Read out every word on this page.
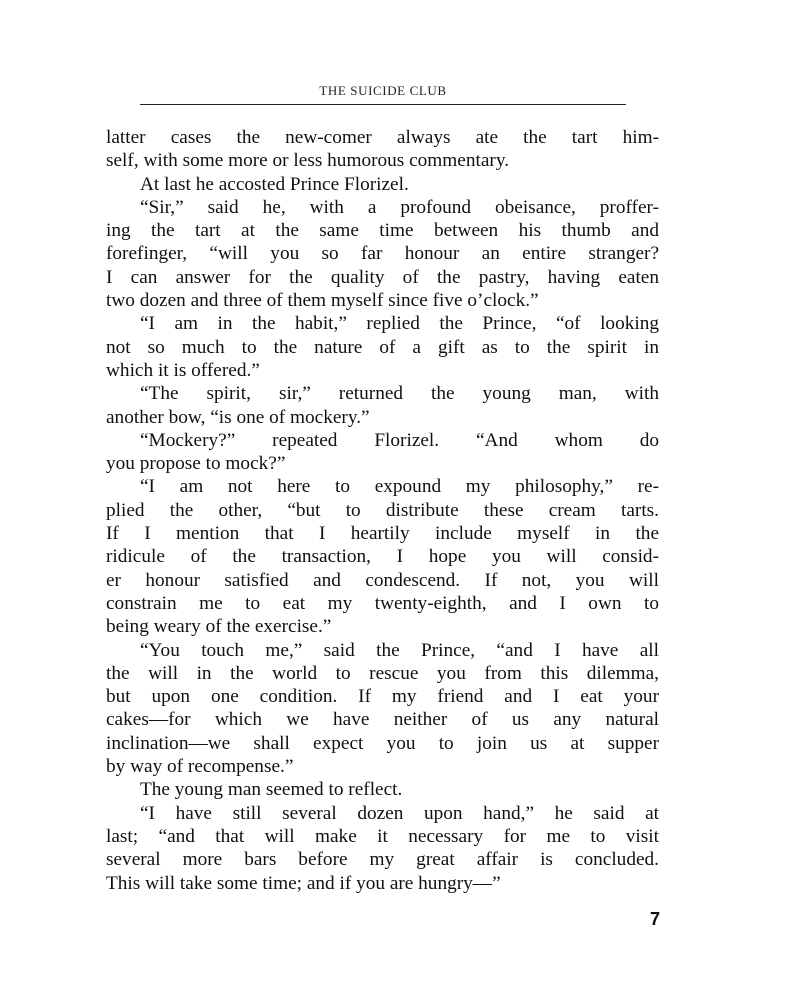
THE SUICIDE CLUB
latter cases the new-comer always ate the tart him-
self, with some more or less humorous commentary.
At last he accosted Prince Florizel.
“Sir,” said he, with a profound obeisance, proffer-
ing the tart at the same time between his thumb and
forefinger, “will you so far honour an entire stranger?
I can answer for the quality of the pastry, having eaten
two dozen and three of them myself since five o’clock.”
“I am in the habit,” replied the Prince, “of looking
not so much to the nature of a gift as to the spirit in
which it is offered.”
“The spirit, sir,” returned the young man, with
another bow, “is one of mockery.”
“Mockery?” repeated Florizel. “And whom do
you propose to mock?”
“I am not here to expound my philosophy,” re-
plied the other, “but to distribute these cream tarts.
If I mention that I heartily include myself in the
ridicule of the transaction, I hope you will consid-
er honour satisfied and condescend. If not, you will
constrain me to eat my twenty-eighth, and I own to
being weary of the exercise.”
“You touch me,” said the Prince, “and I have all
the will in the world to rescue you from this dilemma,
but upon one condition. If my friend and I eat your
cakes—for which we have neither of us any natural
inclination—we shall expect you to join us at supper
by way of recompense.”
The young man seemed to reflect.
“I have still several dozen upon hand,” he said at
last; “and that will make it necessary for me to visit
several more bars before my great affair is concluded.
This will take some time; and if you are hungry—”
7
